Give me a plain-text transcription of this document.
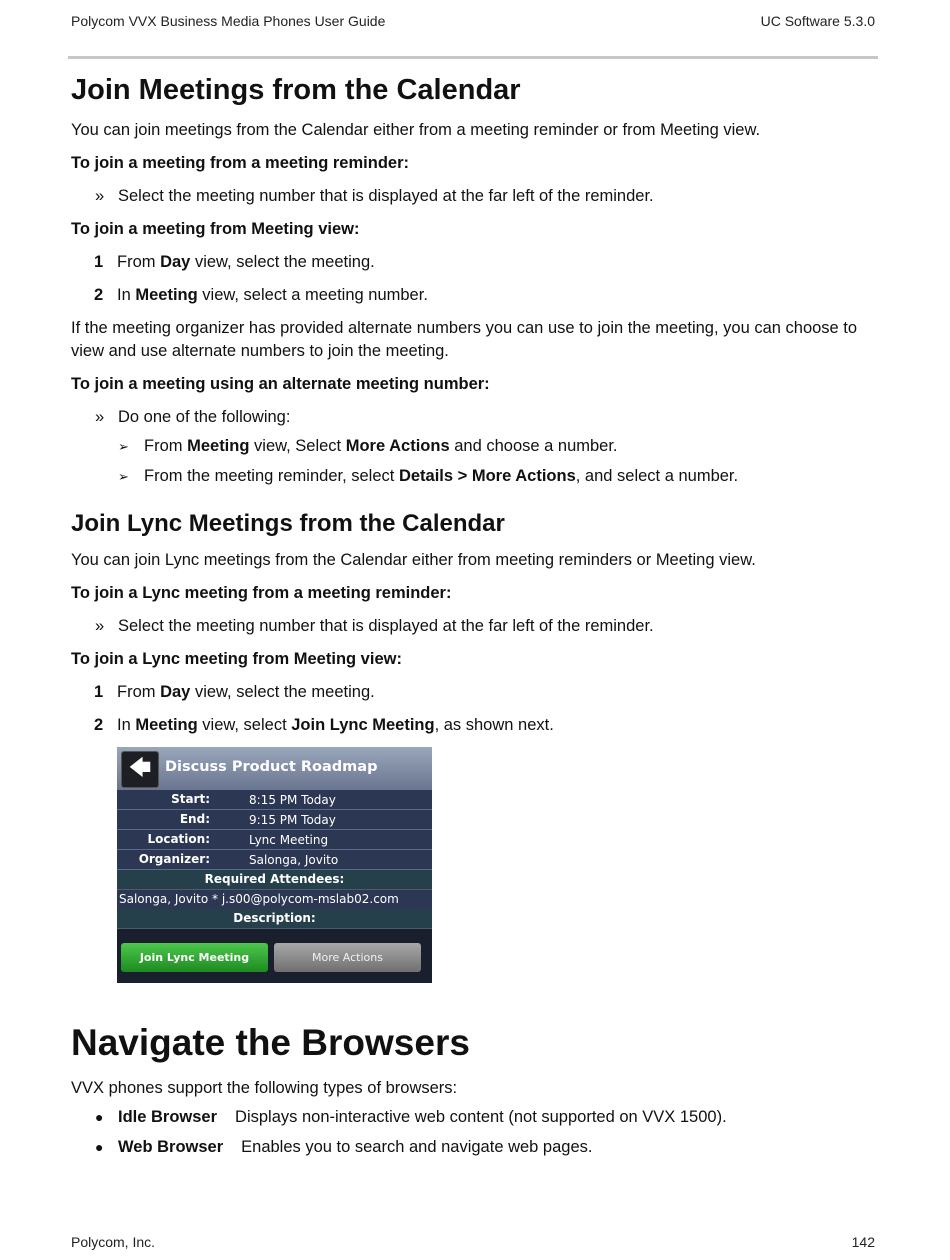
Polycom VVX Business Media Phones User Guide	UC Software 5.3.0
Join Meetings from the Calendar

You can join meetings from the Calendar either from a meeting reminder or from Meeting view.

To join a meeting from a meeting reminder:

» Select the meeting number that is displayed at the far left of the reminder.

To join a meeting from Meeting view:

1 From Day view, select the meeting.
2 In Meeting view, select a meeting number.

If the meeting organizer has provided alternate numbers you can use to join the meeting, you can choose to view and use alternate numbers to join the meeting.

To join a meeting using an alternate meeting number:

» Do one of the following:
➢ From Meeting view, Select More Actions and choose a number.
➢ From the meeting reminder, select Details > More Actions, and select a number.
Join Lync Meetings from the Calendar

You can join Lync meetings from the Calendar either from meeting reminders or Meeting view.

To join a Lync meeting from a meeting reminder:

» Select the meeting number that is displayed at the far left of the reminder.

To join a Lync meeting from Meeting view:

1 From Day view, select the meeting.
2 In Meeting view, select Join Lync Meeting, as shown next.
🡄 Discuss Product Roadmap
Start:	8:15 PM Today
End:	9:15 PM Today
Location:	Lync Meeting
Organizer:	Salonga, Jovito
Required Attendees:
Salonga, Jovito * j.s00@polycom-mslab02.com
Description:
Join Lync Meeting	More Actions
Navigate the Browsers

VVX phones support the following types of browsers:

● Idle Browser Displays non-interactive web content (not supported on VVX 1500).
● Web Browser Enables you to search and navigate web pages.
Polycom, Inc.	142
